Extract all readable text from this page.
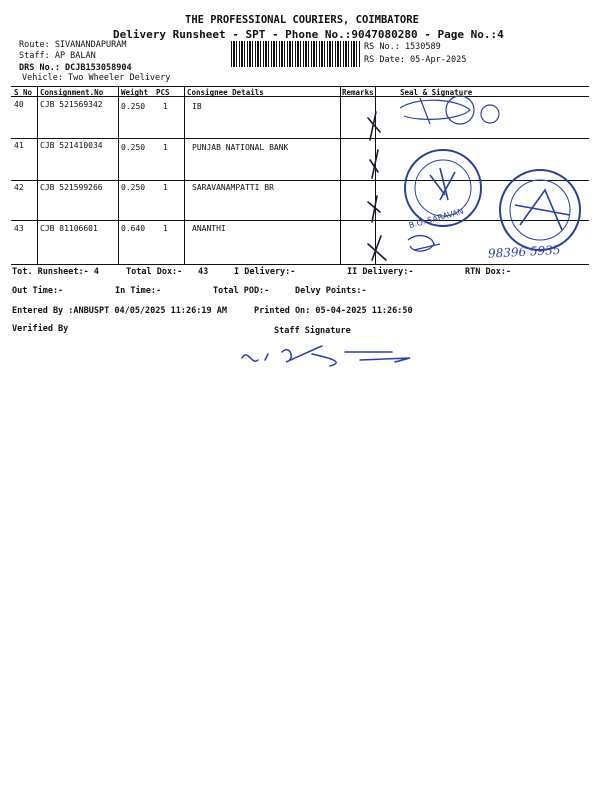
THE PROFESSIONAL COURIERS, COIMBATORE
Delivery Runsheet - SPT - Phone No.:9047080280 - Page No.:4
Route: SIVANANDAPURAM
Staff: AP BALAN
DRS No.: DCJB153058904
Vehicle: Two Wheeler Delivery
RS No.: 1530589
RS Date: 05-Apr-2025
S No Consignment.No Weight PCS Consignee Details	Remarks	Seal & Signature
40 CJB 521569342 0.250 1	IB
41 CJB 521410034 0.250 1	PUNJAB NATIONAL BANK
42 CJB 521599266 0.250 1	SARAVANAMPATTI BR
43 CJB 81106601	0.640 1	ANANTHI	B.O. SARAVAN
98396 5935
Tot. Runsheet:- 4	Total Dox:- 43	I Delivery:-	II Delivery:-	RTN Dox:-
Out Time:-	In Time:-	Total POD:-	Delvy Points:-
Entered By :ANBUSPT 04/05/2025 11:26:19 AM	Printed On: 05-04-2025 11:26:50
Verified By	Staff Signature
